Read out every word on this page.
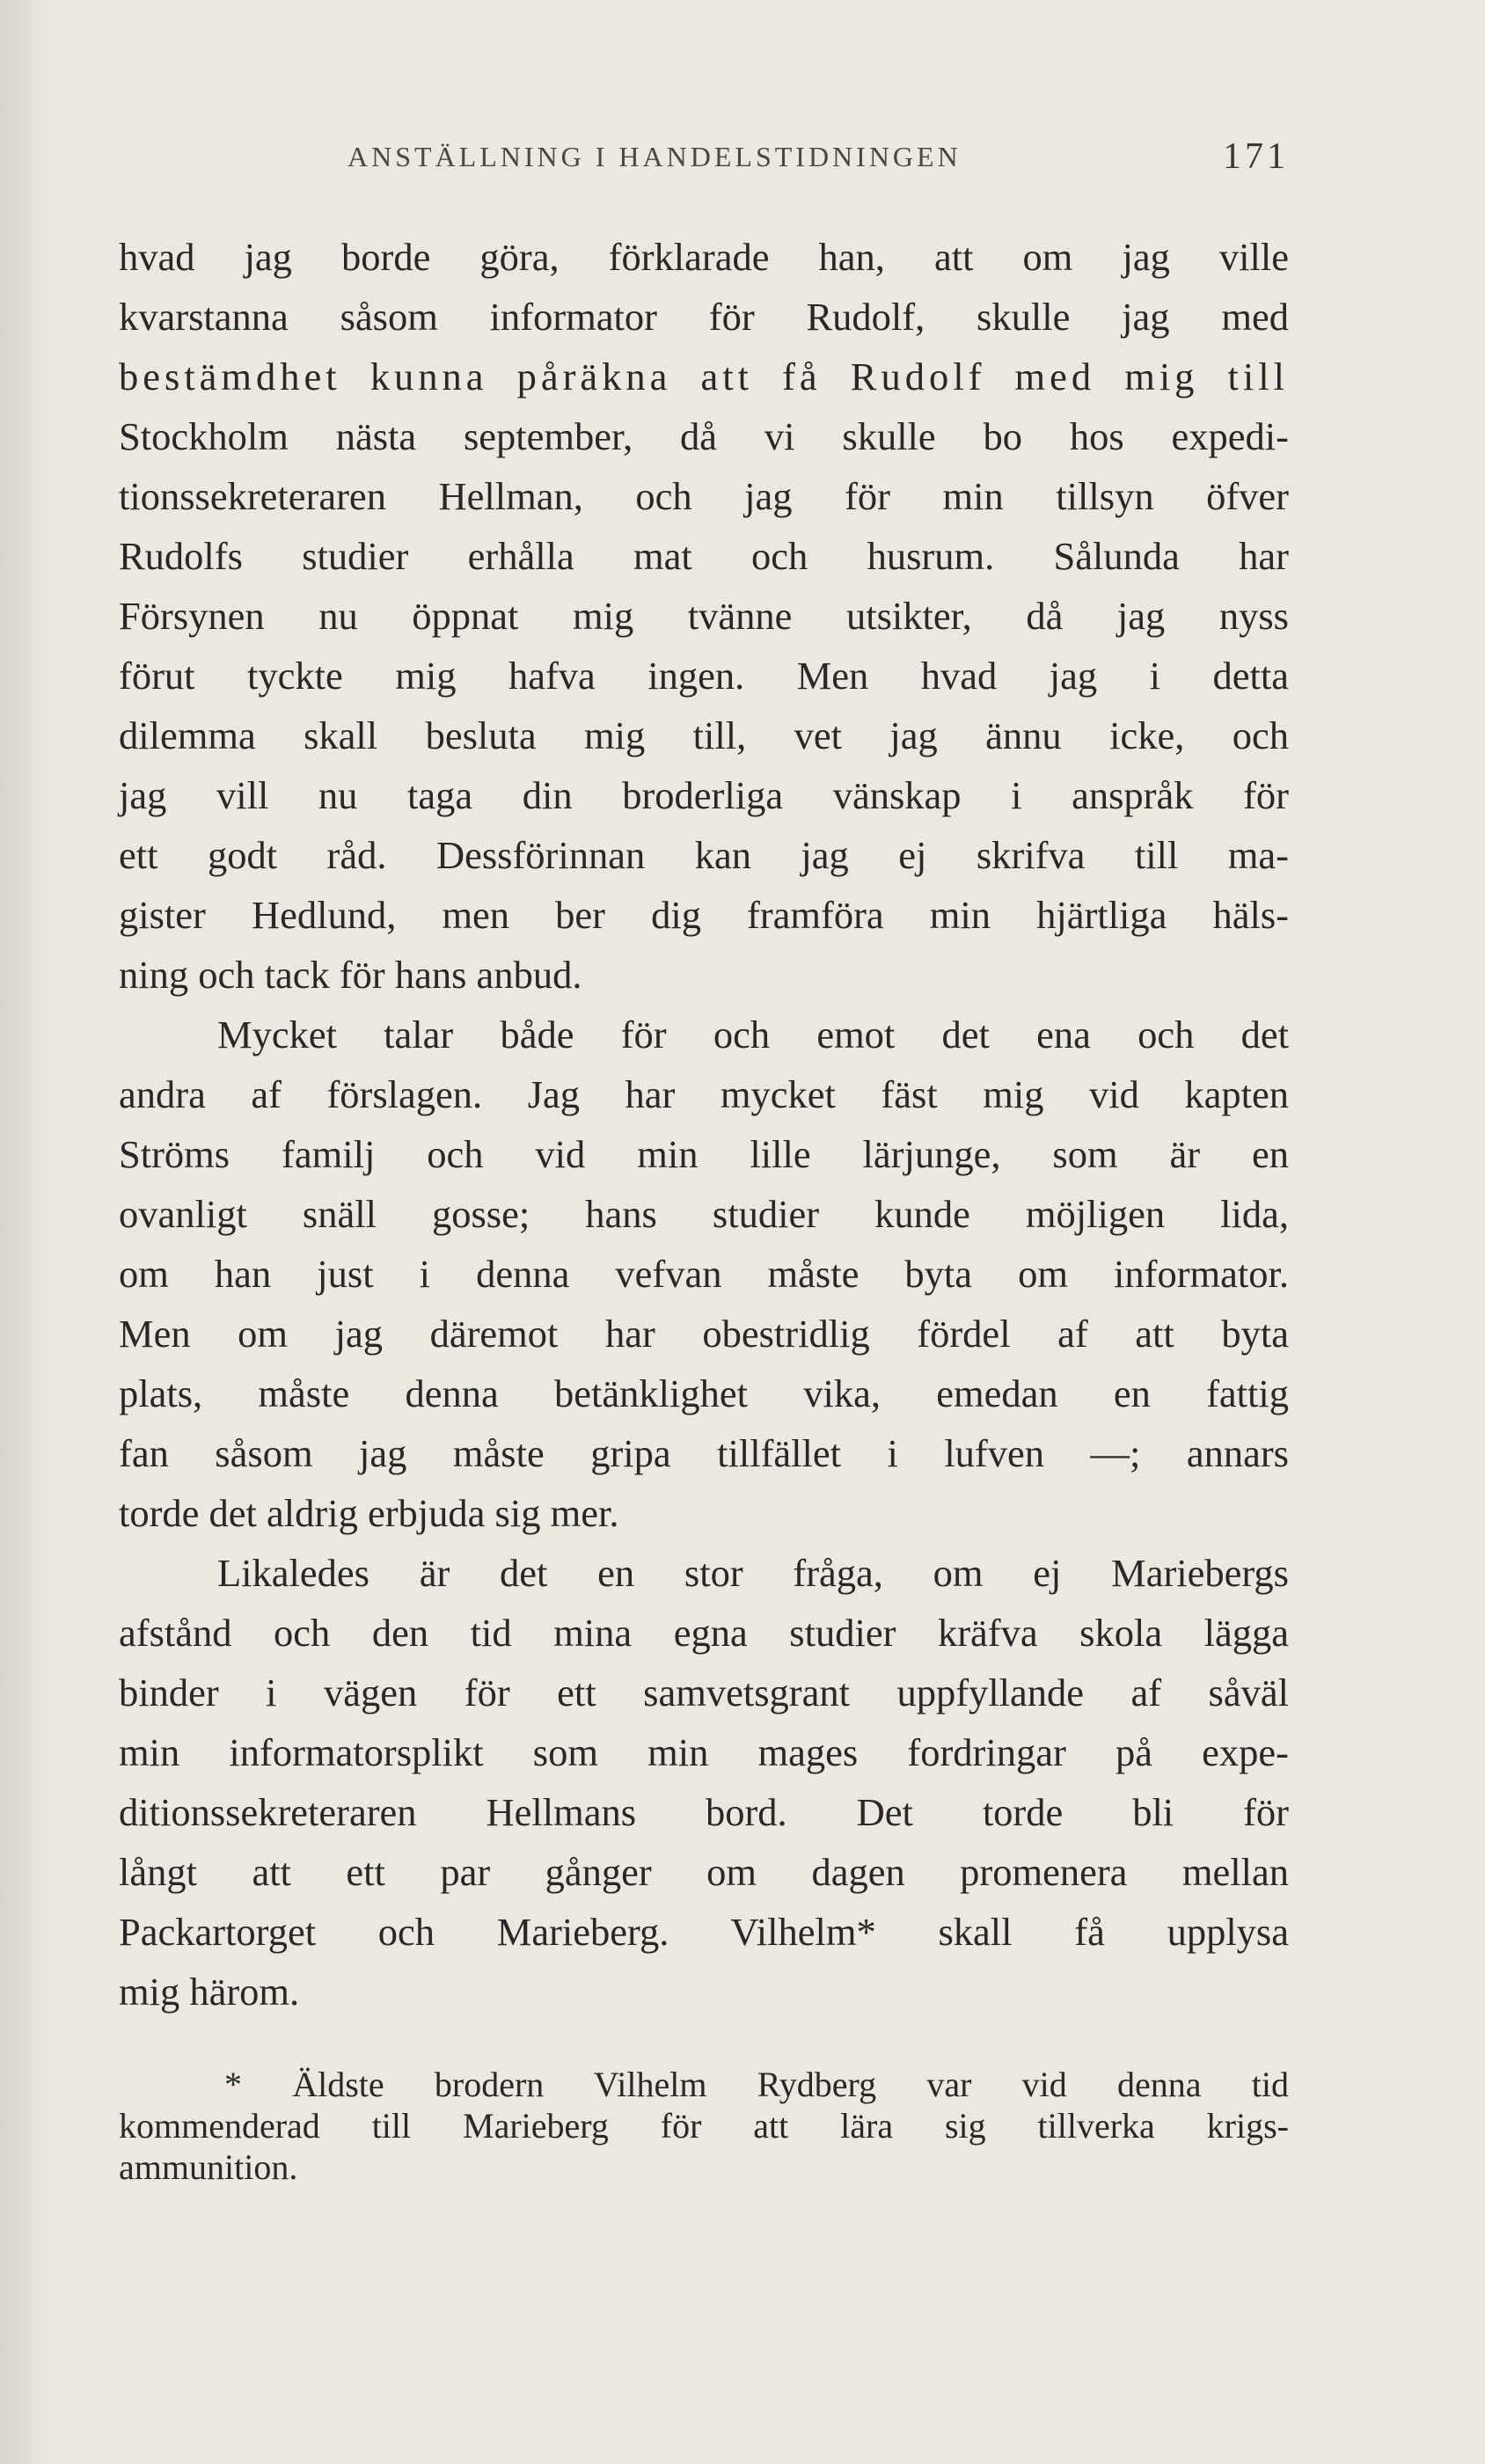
ANSTÄLLNING I HANDELSTIDNINGEN	171
hvad jag borde göra, förklarade han, att om jag ville
kvarstanna såsom informator för Rudolf, skulle jag med
bestämdhet kunna påräkna att få Rudolf med mig till
Stockholm nästa september, då vi skulle bo hos expedi-
tionssekreteraren Hellman, och jag för min tillsyn öfver
Rudolfs studier erhålla mat och husrum. Sålunda har
Försynen nu öppnat mig tvänne utsikter, då jag nyss
förut tyckte mig hafva ingen. Men hvad jag i detta
dilemma skall besluta mig till, vet jag ännu icke, och
jag vill nu taga din broderliga vänskap i anspråk för
ett godt råd. Dessförinnan kan jag ej skrifva till ma-
gister Hedlund, men ber dig framföra min hjärtliga häls-
ning och tack för hans anbud.
Mycket talar både för och emot det ena och det
andra af förslagen. Jag har mycket fäst mig vid kapten
Ströms familj och vid min lille lärjunge, som är en
ovanligt snäll gosse; hans studier kunde möjligen lida,
om han just i denna vefvan måste byta om informator.
Men om jag däremot har obestridlig fördel af att byta
plats, måste denna betänklighet vika, emedan en fattig
fan såsom jag måste gripa tillfället i lufven —; annars
torde det aldrig erbjuda sig mer.
Likaledes är det en stor fråga, om ej Mariebergs
afstånd och den tid mina egna studier kräfva skola lägga
binder i vägen för ett samvetsgrant uppfyllande af såväl
min informatorsplikt som min mages fordringar på expe-
ditionssekreteraren Hellmans bord. Det torde bli för
långt att ett par gånger om dagen promenera mellan
Packartorget och Marieberg. Vilhelm* skall få upplysa
mig härom.
* Äldste brodern Vilhelm Rydberg var vid denna tid
kommenderad till Marieberg för att lära sig tillverka krigs-
ammunition.
